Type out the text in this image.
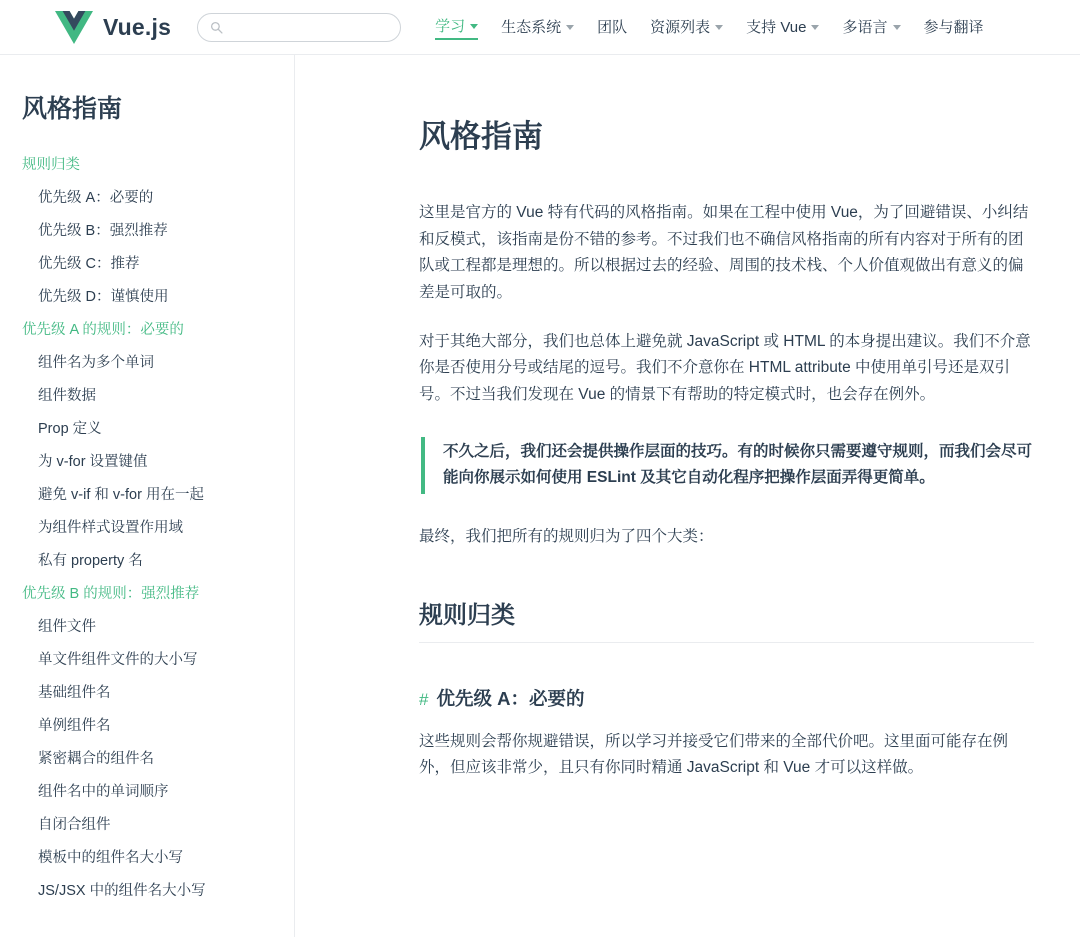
Vue.js	学习 生态系统 团队 资源列表 支持 Vue 多语言 参与翻译
风格指南
规则归类
优先级 A：必要的
优先级 B：强烈推荐
优先级 C：推荐
优先级 D：谨慎使用
优先级 A 的规则：必要的
组件名为多个单词
组件数据
Prop 定义
为 v-for 设置键值
避免 v-if 和 v-for 用在一起
为组件样式设置作用域
私有 property 名
优先级 B 的规则：强烈推荐
组件文件
单文件组件文件的大小写
基础组件名
单例组件名
紧密耦合的组件名
组件名中的单词顺序
自闭合组件
模板中的组件名大小写
JS/JSX 中的组件名大小写
风格指南

这里是官方的 Vue 特有代码的风格指南。如果在工程中使用 Vue，为了回避错误、小纠结和反模式，该指南是份不错的参考。不过我们也不确信风格指南的所有内容对于所有的团队或工程都是理想的。所以根据过去的经验、周围的技术栈、个人价值观做出有意义的偏差是可取的。

对于其绝大部分，我们也总体上避免就 JavaScript 或 HTML 的本身提出建议。我们不介意你是否使用分号或结尾的逗号。我们不介意你在 HTML attribute 中使用单引号还是双引号。不过当我们发现在 Vue 的情景下有帮助的特定模式时，也会存在例外。

不久之后，我们还会提供操作层面的技巧。有的时候你只需要遵守规则，而我们会尽可能向你展示如何使用 ESLint 及其它自动化程序把操作层面弄得更简单。

最终，我们把所有的规则归为了四个大类：

规则归类
# 优先级 A：必要的

这些规则会帮你规避错误，所以学习并接受它们带来的全部代价吧。这里面可能存在例外，但应该非常少，且只有你同时精通 JavaScript 和 Vue 才可以这样做。
